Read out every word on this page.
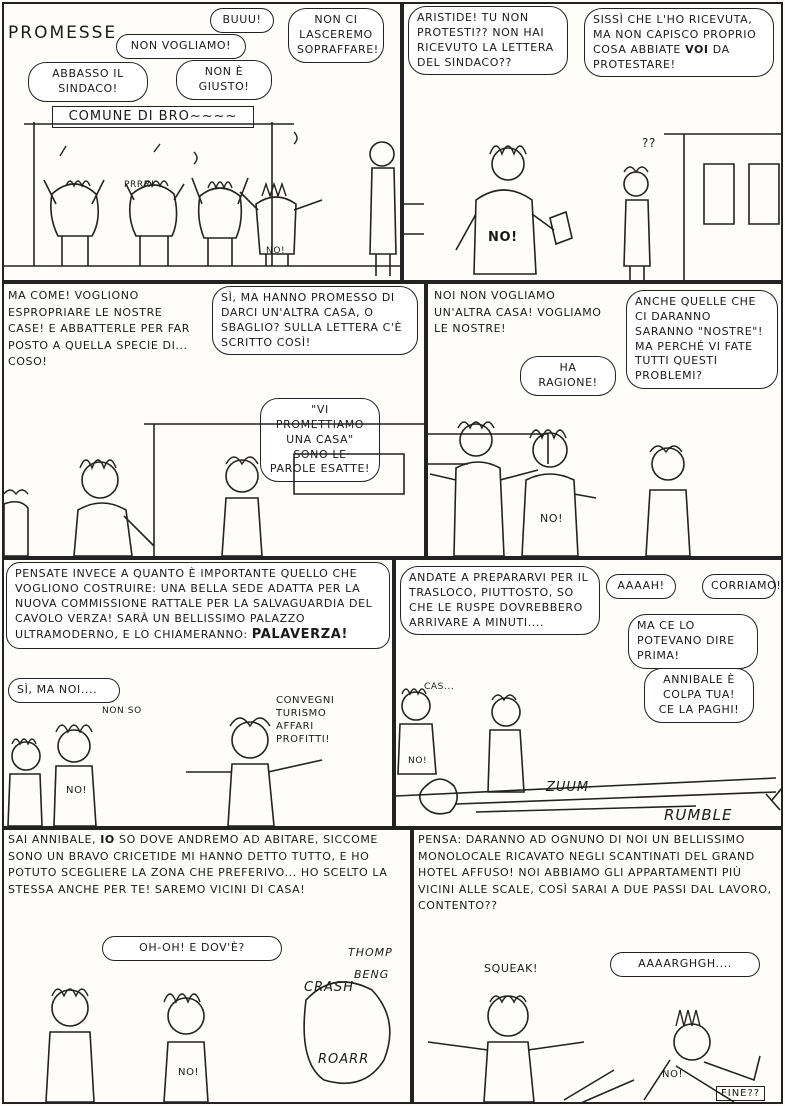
PROMESSE
BUUU!
NON VOGLIAMO!
NON CI LASCEREMO SOPRAFFARE!
ABBASSO IL SINDACO!
NON È GIUSTO!
COMUNE DI BRO~~~~
PRRR!
NO!
ARISTIDE! TU NON PROTESTI?? NON HAI RICEVUTO LA LETTERA DEL SINDACO??
SISSÌ CHE L'HO RICEVUTA, MA NON CAPISCO PROPRIO COSA ABBIATE VOI DA PROTESTARE!
??
NO!
MA COME! VOGLIONO ESPROPRIARE LE NOSTRE CASE! E ABBATTERLE PER FAR POSTO A QUELLA SPECIE DI... COSO!
SÌ, MA HANNO PROMESSO DI DARCI UN'ALTRA CASA, O SBAGLIO? SULLA LETTERA C'È SCRITTO COSÌ!
"VI PROMETTIAMO UNA CASA" SONO LE PAROLE ESATTE!
NOI NON VOGLIAMO UN'ALTRA CASA! VOGLIAMO LE NOSTRE!
HA RAGIONE!
ANCHE QUELLE CHE CI DARANNO SARANNO "NOSTRE"! MA PERCHÉ VI FATE TUTTI QUESTI PROBLEMI?
NO!
PENSATE INVECE A QUANTO È IMPORTANTE QUELLO CHE VOGLIONO COSTRUIRE: UNA BELLA SEDE ADATTA PER LA NUOVA COMMISSIONE RATTALE PER LA SALVAGUARDIA DEL CAVOLO VERZA! SARÀ UN BELLISSIMO PALAZZO ULTRAMODERNO, E LO CHIAMERANNO: PALAVERZA!
SÌ, MA NOI....
NON SO
CONVEGNI
TURISMO
AFFARI
PROFITTI!
NO!
ANDATE A PREPARARVI PER IL TRASLOCO, PIUTTOSTO, SO CHE LE RUSPE DOVREBBERO ARRIVARE A MINUTI....
AAAAH!	CORRIAMO!
MA CE LO POTEVANO DIRE PRIMA!
ANNIBALE È COLPA TUA! CE LA PAGHI!
CAS...
ZUUM
RUMBLE
NO!
SAI ANNIBALE, IO SO DOVE ANDREMO AD ABITARE, SICCOME SONO UN BRAVO CRICETIDE MI HANNO DETTO TUTTO, E HO POTUTO SCEGLIERE LA ZONA CHE PREFERIVO... HO SCELTO LA STESSA ANCHE PER TE! SAREMO VICINI DI CASA!
OH-OH! E DOV'È?
CRASH
THOMP
BENG
ROARR
NO!
PENSA: DARANNO AD OGNUNO DI NOI UN BELLISSIMO MONOLOCALE RICAVATO NEGLI SCANTINATI DEL GRAND HOTEL AFFUSO! NOI ABBIAMO GLI APPARTAMENTI PIÙ VICINI ALLE SCALE, COSÌ SARAI A DUE PASSI DAL LAVORO, CONTENTO??
SQUEAK!	AAAARGHGH....
NO!
FINE??
